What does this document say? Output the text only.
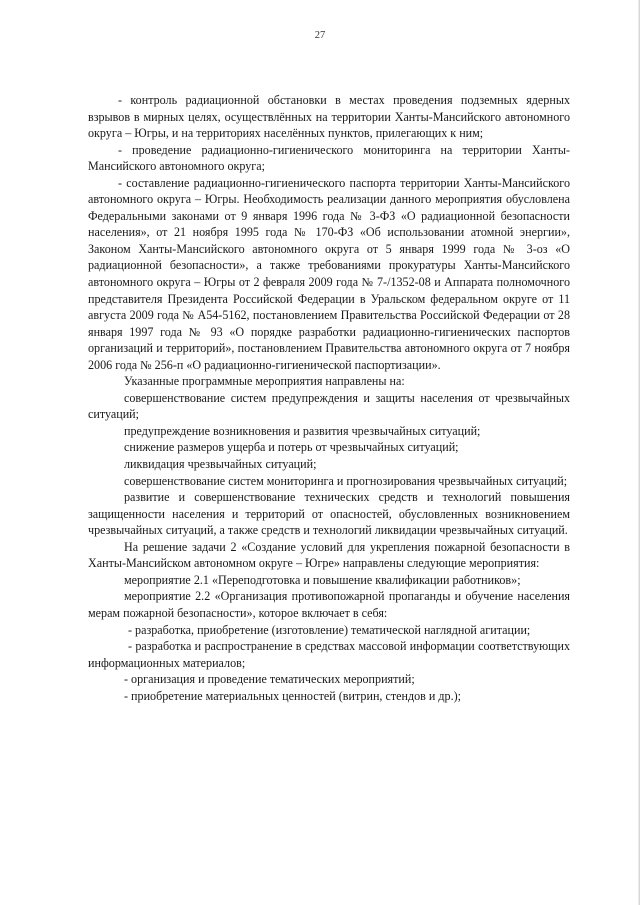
27

- контроль радиационной обстановки в местах проведения подземных ядерных взрывов в мирных целях, осуществлённых на территории Ханты-Мансийского автономного округа – Югры, и на территориях населённых пунктов, прилегающих к ним;

- проведение радиационно-гигиенического мониторинга на территории Ханты-Мансийского автономного округа;

- составление радиационно-гигиенического паспорта территории Ханты-Мансийского автономного округа – Югры. Необходимость реализации данного мероприятия обусловлена Федеральными законами от 9 января 1996 года № 3-ФЗ «О радиационной безопасности населения», от 21 ноября 1995 года № 170-ФЗ «Об использовании атомной энергии», Законом Ханты-Мансийского автономного округа от 5 января 1999 года № 3-оз «О радиационной безопасности», а также требованиями прокуратуры Ханты-Мансийского автономного округа – Югры от 2 февраля 2009 года № 7-/1352-08 и Аппарата полномочного представителя Президента Российской Федерации в Уральском федеральном округе от 11 августа 2009 года № А54-5162, постановлением Правительства Российской Федерации от 28 января 1997 года № 93 «О порядке разработки радиационно-гигиенических паспортов организаций и территорий», постановлением Правительства автономного округа от 7 ноября 2006 года № 256-п «О радиационно-гигиенической паспортизации».

Указанные программные мероприятия направлены на:

совершенствование систем предупреждения и защиты населения от чрезвычайных ситуаций;

предупреждение возникновения и развития чрезвычайных ситуаций;

снижение размеров ущерба и потерь от чрезвычайных ситуаций;

ликвидация чрезвычайных ситуаций;

совершенствование систем мониторинга и прогнозирования чрезвычайных ситуаций;

развитие и совершенствование технических средств и технологий повышения защищенности населения и территорий от опасностей, обусловленных возникновением чрезвычайных ситуаций, а также средств и технологий ликвидации чрезвычайных ситуаций.

На решение задачи 2 «Создание условий для укрепления пожарной безопасности в Ханты-Мансийском автономном округе – Югре» направлены следующие мероприятия:

мероприятие 2.1 «Переподготовка и повышение квалификации работников»;

мероприятие 2.2 «Организация противопожарной пропаганды и обучение населения мерам пожарной безопасности», которое включает в себя:

- разработка, приобретение (изготовление) тематической наглядной агитации;

- разработка и распространение в средствах массовой информации соответствующих информационных материалов;

- организация и проведение тематических мероприятий;

- приобретение материальных ценностей (витрин, стендов и др.);
